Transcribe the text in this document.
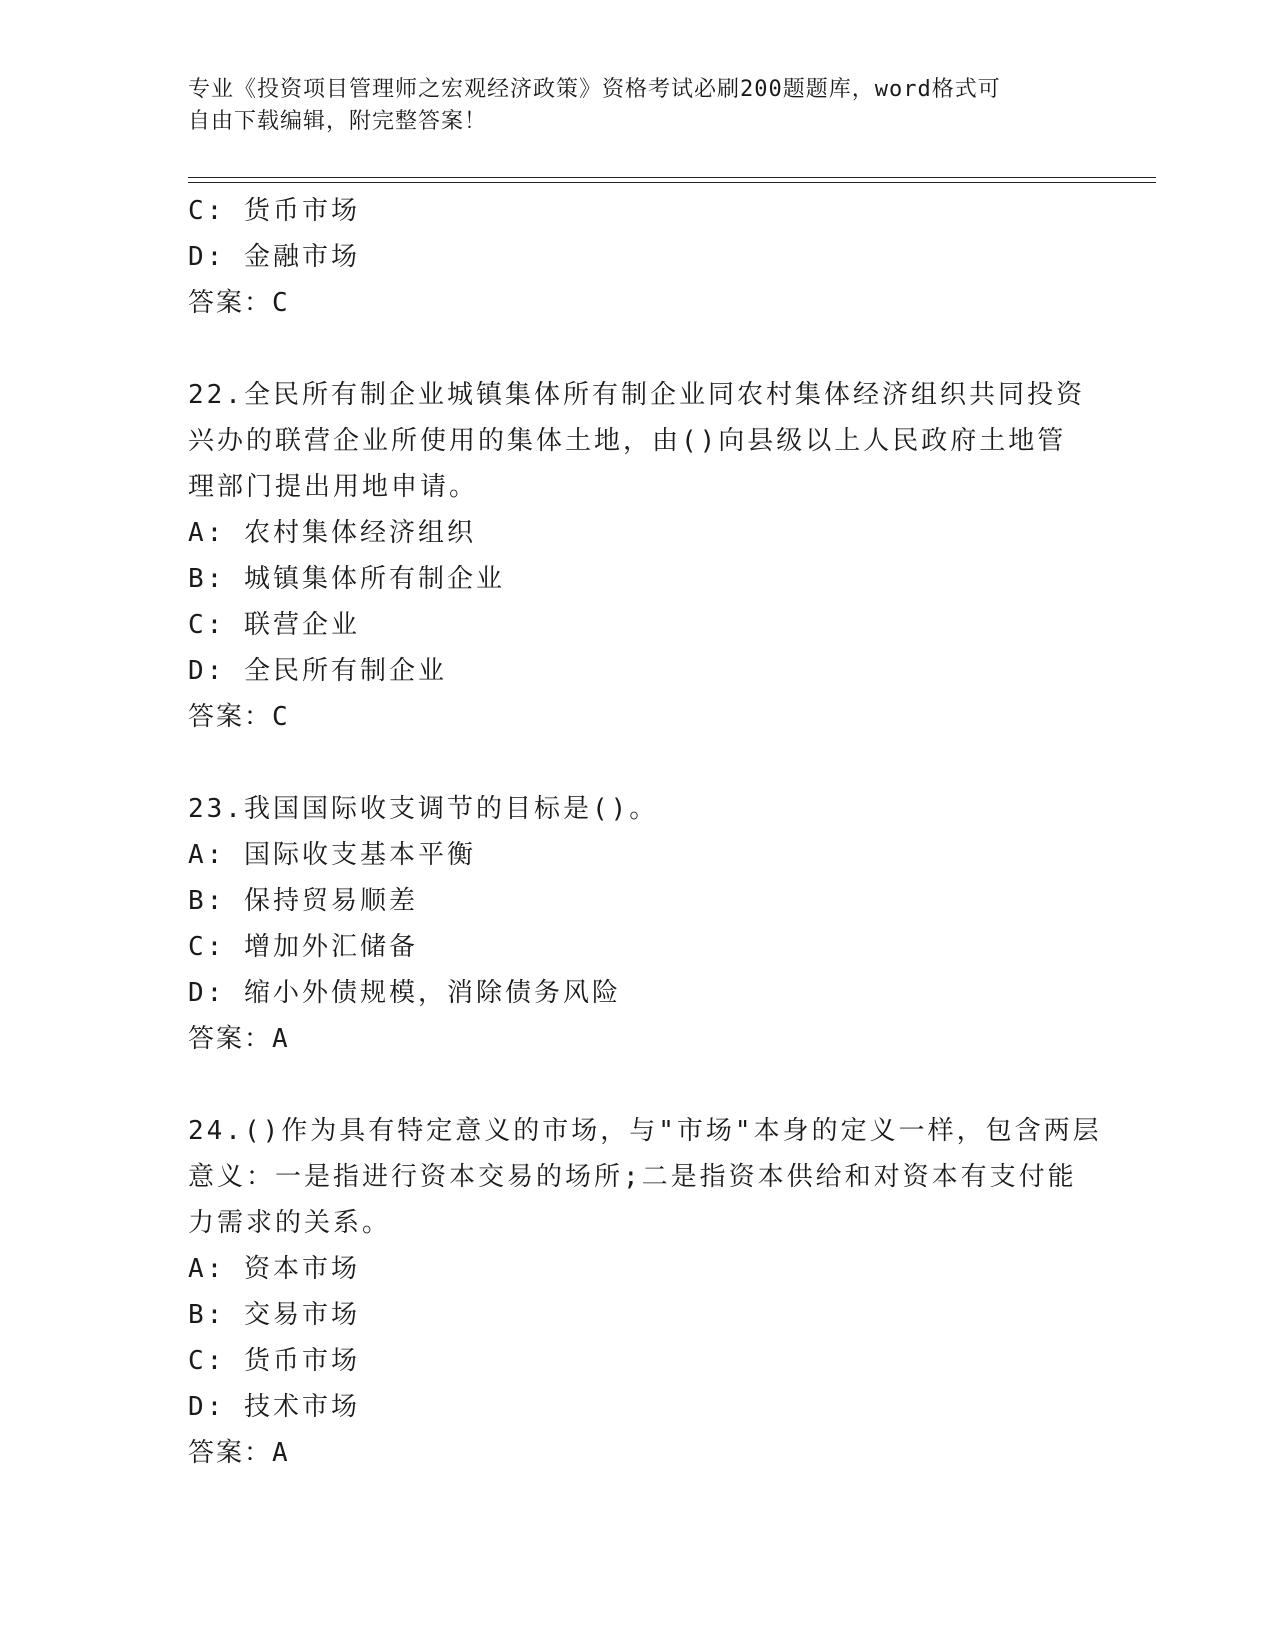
专业《投资项目管理师之宏观经济政策》资格考试必刷200题题库，word格式可
自由下载编辑，附完整答案！
C: 货币市场
D: 金融市场
答案：C
22.全民所有制企业城镇集体所有制企业同农村集体经济组织共同投资
兴办的联营企业所使用的集体土地，由()向县级以上人民政府土地管
理部门提出用地申请。
A: 农村集体经济组织
B: 城镇集体所有制企业
C: 联营企业
D: 全民所有制企业
答案：C
23.我国国际收支调节的目标是()。
A: 国际收支基本平衡
B: 保持贸易顺差
C: 增加外汇储备
D: 缩小外债规模，消除债务风险
答案：A
24.()作为具有特定意义的市场，与"市场"本身的定义一样，包含两层
意义：一是指进行资本交易的场所;二是指资本供给和对资本有支付能
力需求的关系。
A: 资本市场
B: 交易市场
C: 货币市场
D: 技术市场
答案：A
